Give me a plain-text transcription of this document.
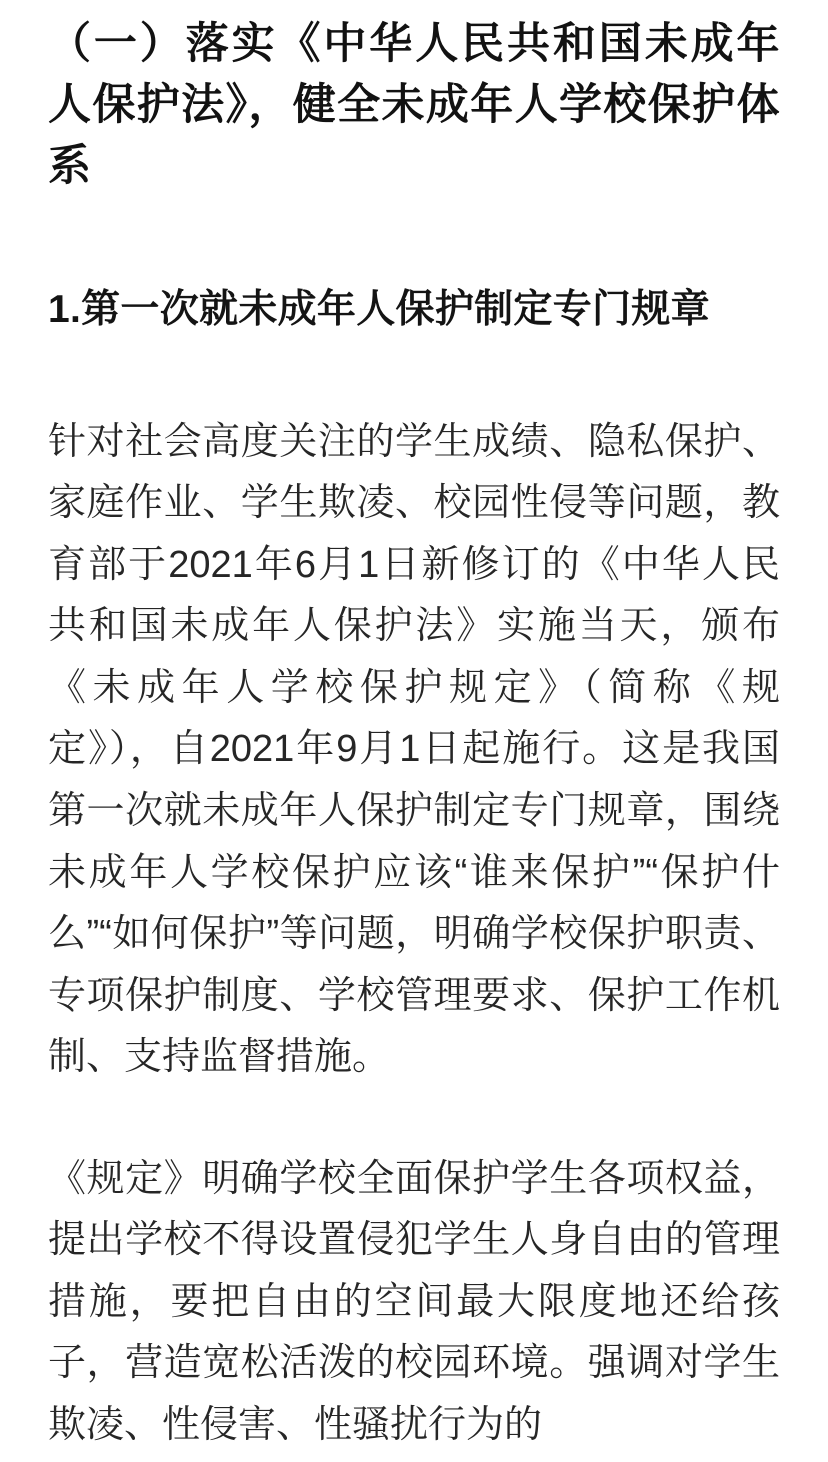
（一）落实《中华人民共和国未成年人保护法》，健全未成年人学校保护体系
1.第一次就未成年人保护制定专门规章

针对社会高度关注的学生成绩、隐私保护、家庭作业、学生欺凌、校园性侵等问题，教育部于2021年6月1日新修订的《中华人民共和国未成年人保护法》实施当天，颁布《未成年人学校保护规定》（简称《规定》），自2021年9月1日起施行。这是我国第一次就未成年人保护制定专门规章，围绕未成年人学校保护应该“谁来保护”“保护什么”“如何保护”等问题，明确学校保护职责、专项保护制度、学校管理要求、保护工作机制、支持监督措施。

《规定》明确学校全面保护学生各项权益，提出学校不得设置侵犯学生人身自由的管理措施，要把自由的空间最大限度地还给孩子，营造宽松活泼的校园环境。强调对学生欺凌、性侵害、性骚扰行为的
